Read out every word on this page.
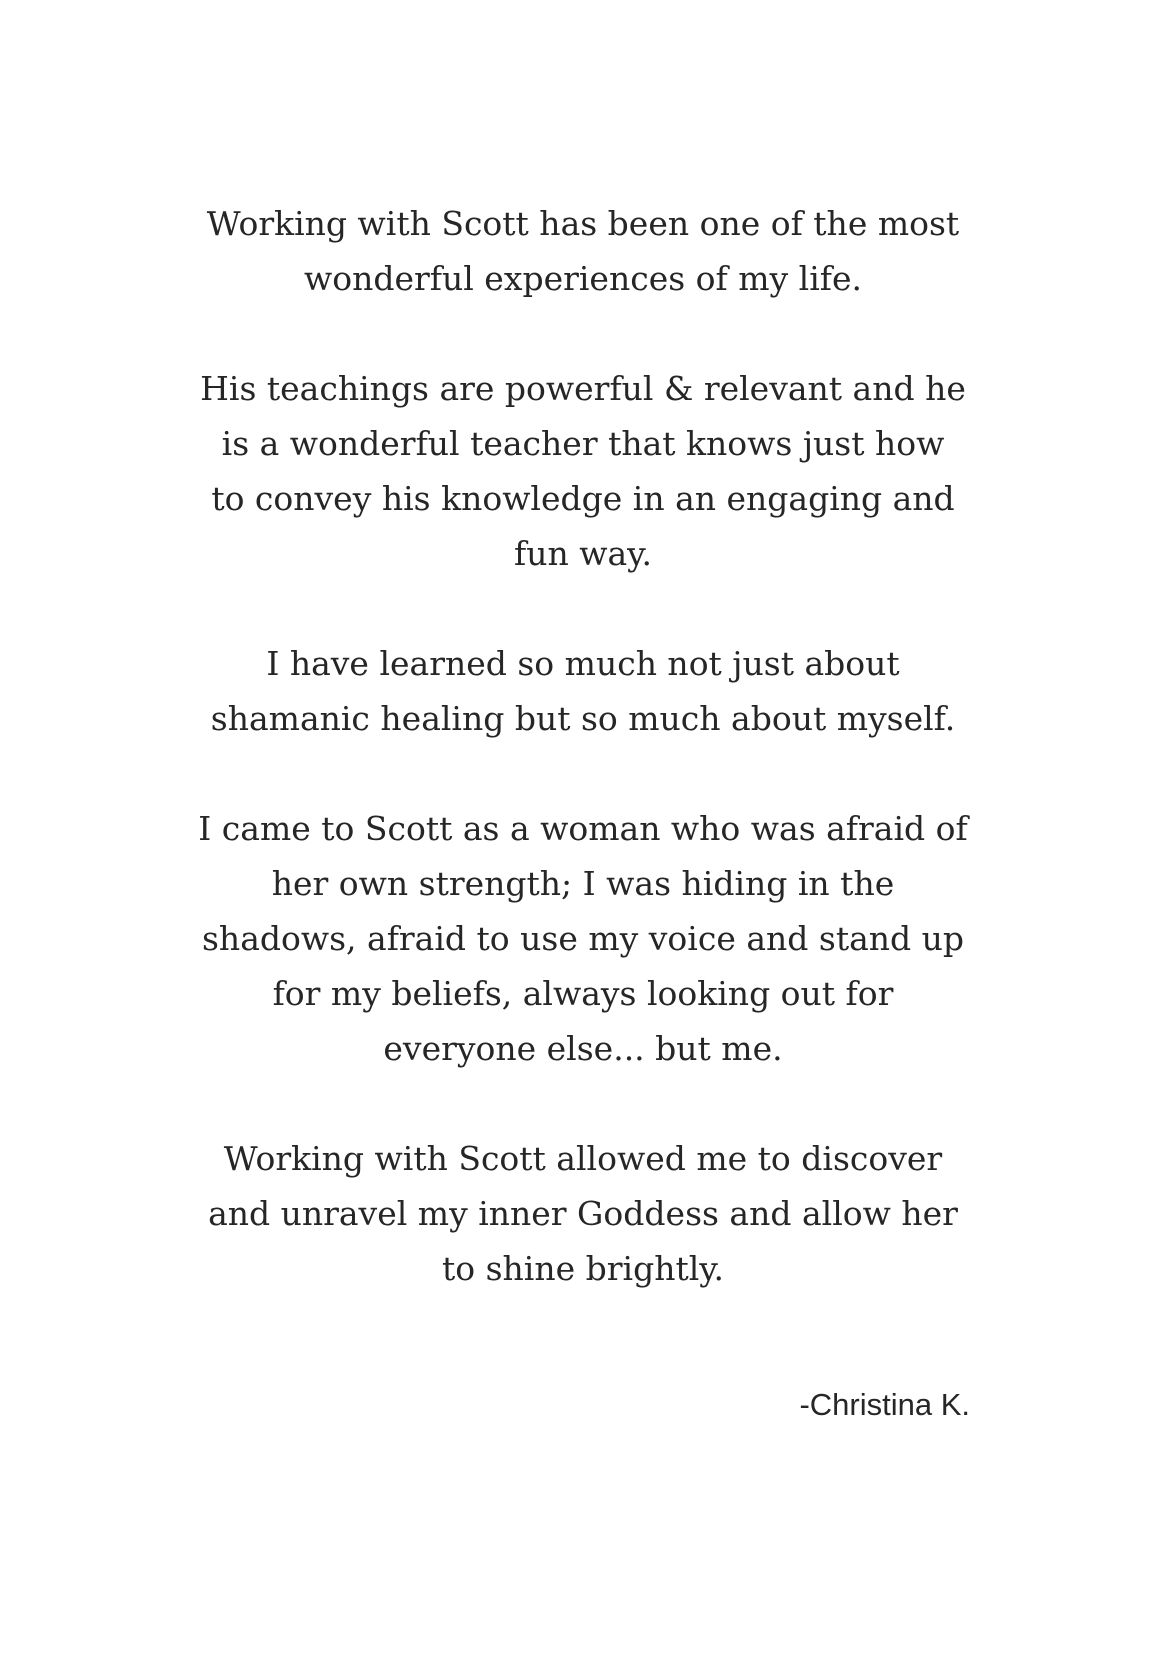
Working with Scott has been one of the most
wonderful experiences of my life.

His teachings are powerful & relevant and he
is a wonderful teacher that knows just how
to convey his knowledge in an engaging and
fun way.

I have learned so much not just about
shamanic healing but so much about myself.

I came to Scott as a woman who was afraid of
her own strength; I was hiding in the
shadows, afraid to use my voice and stand up
for my beliefs, always looking out for
everyone else... but me.

Working with Scott allowed me to discover
and unravel my inner Goddess and allow her
to shine brightly.

-Christina K.
